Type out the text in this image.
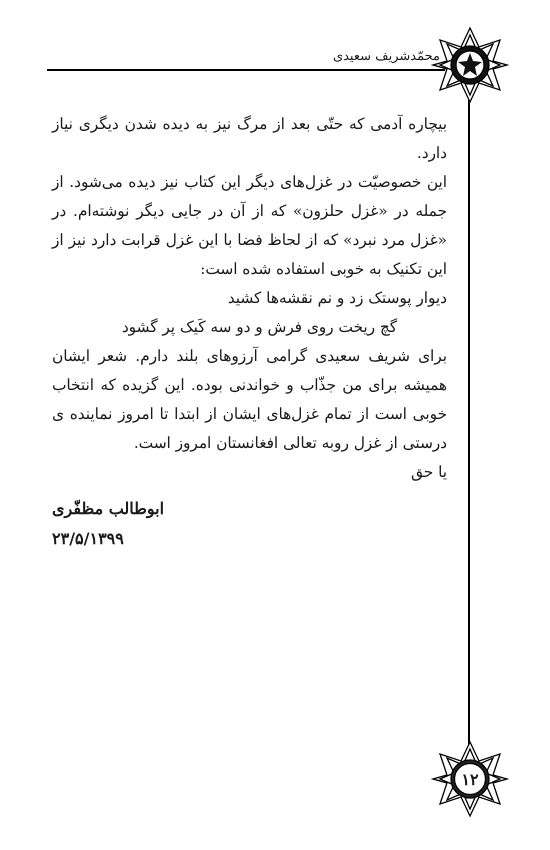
محمّدشریف سعیدی
۱۲
بیچاره آدمی که حتّی بعد از مرگ نیز به دیده شدن دیگری نیاز
دارد.
این خصوصیّت در غزل‌های دیگر این کتاب نیز دیده می‌شود. از
جمله در «غزل حلزون» که از آن در جایی دیگر نوشته‌ام. در
«غزل مرد نبرد» که از لحاظ فضا با این غزل قرابت دارد نیز از
این تکنیک به خوبی استفاده شده است:
دیوار پوستک زد و نم نقشه‌ها کشید
گچ ریخت روی فرش و دو سه کَیک پر گشود
برای شریف سعیدی گرامی آرزوهای بلند دارم. شعر ایشان
همیشه برای من جذّاب و خواندنی بوده. این گزیده که انتخاب
خوبی است از تمام غزل‌های ایشان از ابتدا تا امروز نماینده ی
درستی از غزل روبه تعالی افغانستان امروز است.
یا حق
ابوطالب مظفّری
۲۳/۵/۱۳۹۹
